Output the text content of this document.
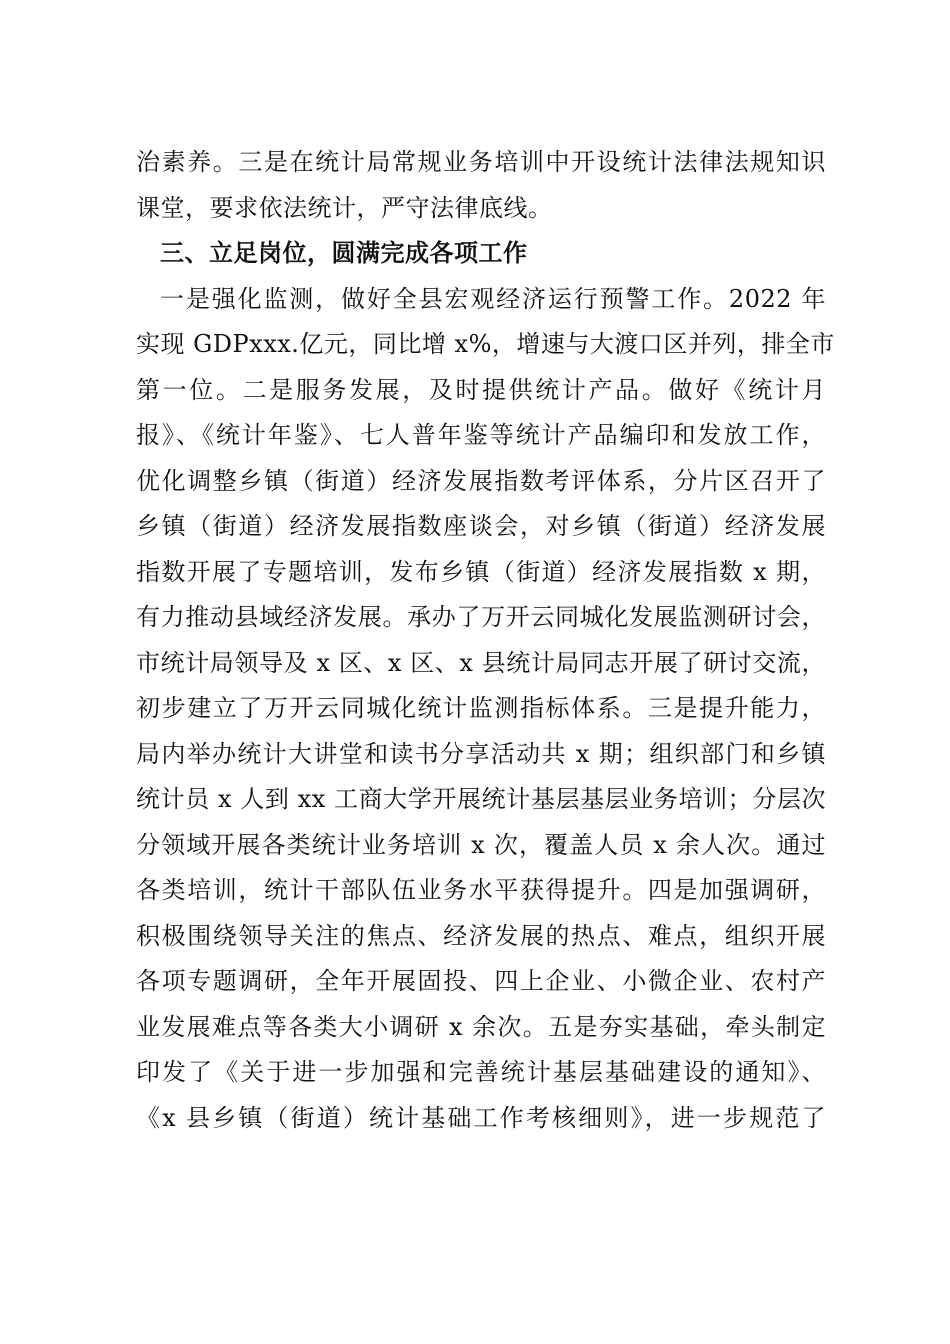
治素养。三是在统计局常规业务培训中开设统计法律法规知识
课堂，要求依法统计，严守法律底线。
三、立足岗位，圆满完成各项工作
一是强化监测，做好全县宏观经济运行预警工作。2022 年
实现 GDPxxx.亿元，同比增 x%，增速与大渡口区并列，排全市
第一位。二是服务发展，及时提供统计产品。做好《统计月
报》、《统计年鉴》、七人普年鉴等统计产品编印和发放工作，
优化调整乡镇（街道）经济发展指数考评体系，分片区召开了
乡镇（街道）经济发展指数座谈会，对乡镇（街道）经济发展
指数开展了专题培训，发布乡镇（街道）经济发展指数 x 期，
有力推动县域经济发展。承办了万开云同城化发展监测研讨会，
市统计局领导及 x 区、x 区、x 县统计局同志开展了研讨交流，
初步建立了万开云同城化统计监测指标体系。三是提升能力，
局内举办统计大讲堂和读书分享活动共 x 期；组织部门和乡镇
统计员 x 人到 xx 工商大学开展统计基层基层业务培训；分层次
分领域开展各类统计业务培训 x 次，覆盖人员 x 余人次。通过
各类培训，统计干部队伍业务水平获得提升。四是加强调研，
积极围绕领导关注的焦点、经济发展的热点、难点，组织开展
各项专题调研，全年开展固投、四上企业、小微企业、农村产
业发展难点等各类大小调研 x 余次。五是夯实基础，牵头制定
印发了《关于进一步加强和完善统计基层基础建设的通知》、
《x 县乡镇（街道）统计基础工作考核细则》，进一步规范了
